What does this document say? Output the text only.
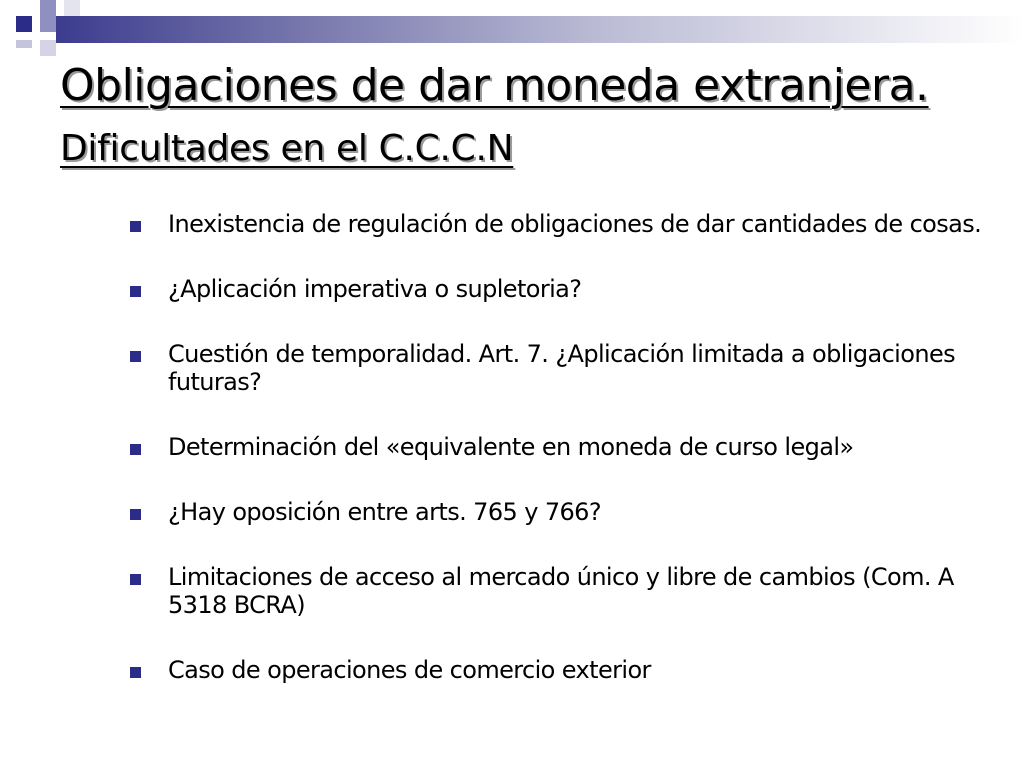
Obligaciones de dar moneda extranjera. Dificultades en el C.C.C.N
Inexistencia de regulación de obligaciones de dar cantidades de cosas.
¿Aplicación imperativa o supletoria?
Cuestión de temporalidad. Art. 7. ¿Aplicación limitada a obligaciones futuras?
Determinación del «equivalente en moneda de curso legal»
¿Hay oposición entre arts. 765 y 766?
Limitaciones de acceso al mercado único y libre de cambios (Com. A 5318 BCRA)
Caso de operaciones de comercio exterior
